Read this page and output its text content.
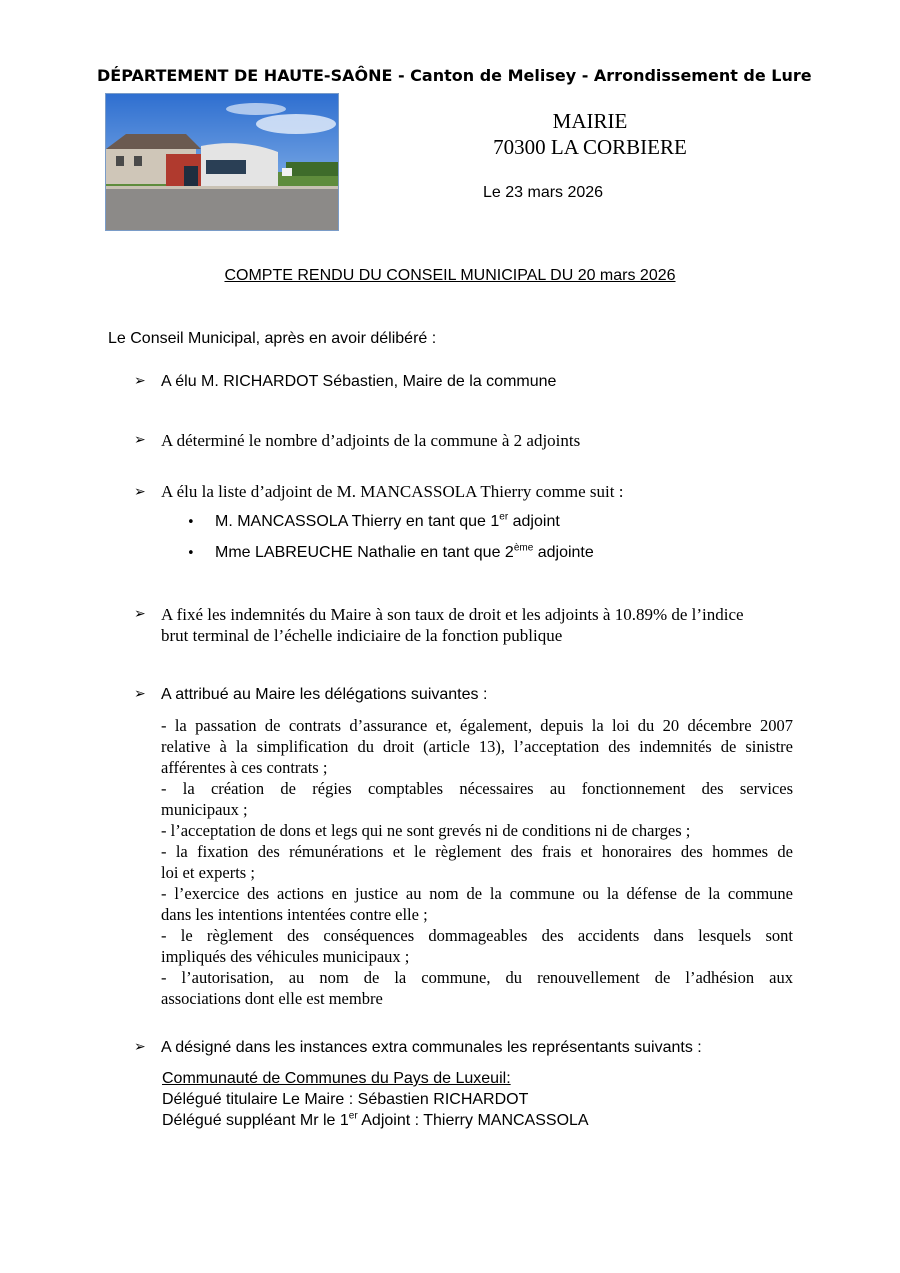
DÉPARTEMENT DE HAUTE-SAÔNE - Canton de Melisey - Arrondissement de Lure
MAIRIE
70300 LA CORBIERE
Le 23 mars 2026
COMPTE RENDU DU CONSEIL MUNICIPAL DU 20 mars 2026
Le Conseil Municipal, après en avoir délibéré :
➢ A élu M. RICHARDOT Sébastien, Maire de la commune
➢ A déterminé le nombre d’adjoints de la commune à 2 adjoints
➢ A élu la liste d’adjoint de M. MANCASSOLA Thierry comme suit :
• M. MANCASSOLA Thierry en tant que 1er adjoint
• Mme LABREUCHE Nathalie en tant que 2ème adjointe
➢ A fixé les indemnités du Maire à son taux de droit et les adjoints à 10.89% de l’indice
brut terminal de l’échelle indiciaire de la fonction publique
➢ A attribué au Maire les délégations suivantes :
- la passation de contrats d’assurance et, également, depuis la loi du 20 décembre 2007
relative à la simplification du droit (article 13), l’acceptation des indemnités de sinistre
afférentes à ces contrats ;
- la création de régies comptables nécessaires au fonctionnement des services
municipaux ;
- l’acceptation de dons et legs qui ne sont grevés ni de conditions ni de charges ;
- la fixation des rémunérations et le règlement des frais et honoraires des hommes de
loi et experts ;
- l’exercice des actions en justice au nom de la commune ou la défense de la commune
dans les intentions intentées contre elle ;
- le règlement des conséquences dommageables des accidents dans lesquels sont
impliqués des véhicules municipaux ;
- l’autorisation, au nom de la commune, du renouvellement de l’adhésion aux
associations dont elle est membre
➢ A désigné dans les instances extra communales les représentants suivants :
Communauté de Communes du Pays de Luxeuil:
Délégué titulaire Le Maire : Sébastien RICHARDOT
Délégué suppléant Mr le 1er Adjoint : Thierry MANCASSOLA
